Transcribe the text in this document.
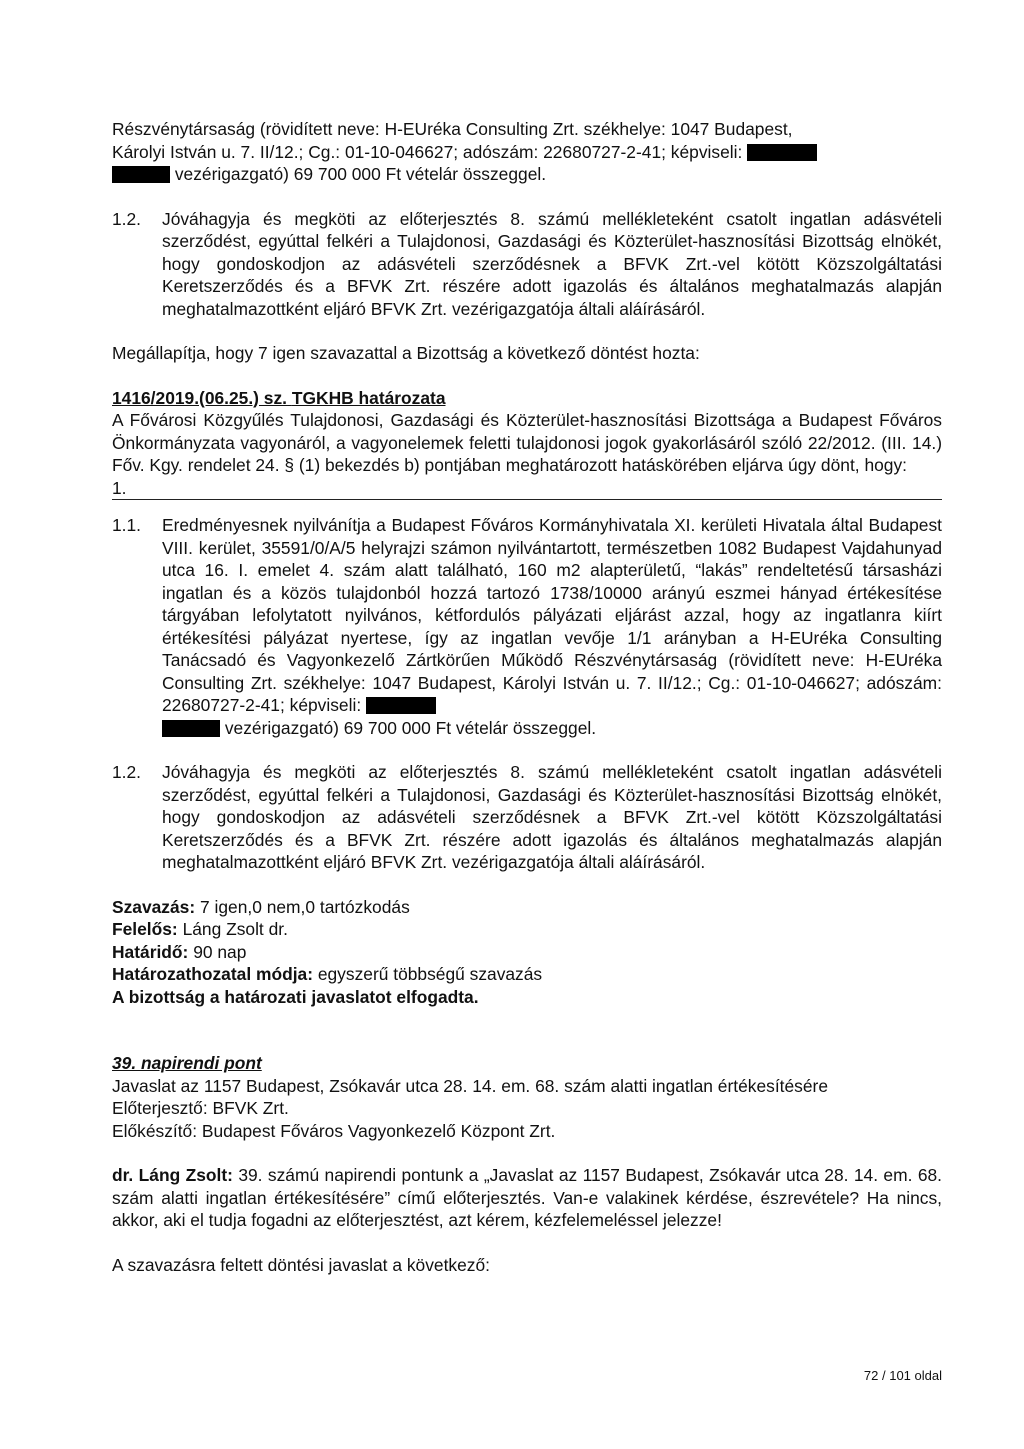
Részvénytársaság (rövidített neve: H-EUréka Consulting Zrt. székhelye: 1047 Budapest,
Károlyi István u. 7. II/12.; Cg.: 01-10-046627; adószám: 22680727-2-41; képviseli:
vezérigazgató) 69 700 000 Ft vételár összeggel.

1.2. Jóváhagyja és megköti az előterjesztés 8. számú mellékleteként csatolt ingatlan adásvételi szerződést, egyúttal felkéri a Tulajdonosi, Gazdasági és Közterület-hasznosítási Bizottság elnökét, hogy gondoskodjon az adásvételi szerződésnek a BFVK Zrt.-vel kötött Közszolgáltatási Keretszerződés és a BFVK Zrt. részére adott igazolás és általános meghatalmazás alapján meghatalmazottként eljáró BFVK Zrt. vezérigazgatója általi aláírásáról.

Megállapítja, hogy 7 igen szavazattal a Bizottság a következő döntést hozta:

1416/2019.(06.25.) sz. TGKHB határozata

A Fővárosi Közgyűlés Tulajdonosi, Gazdasági és Közterület-hasznosítási Bizottsága a Budapest Főváros Önkormányzata vagyonáról, a vagyonelemek feletti tulajdonosi jogok gyakorlásáról szóló 22/2012. (III. 14.) Főv. Kgy. rendelet 24. § (1) bekezdés b) pontjában meghatározott hatáskörében eljárva úgy dönt, hogy:

1.

1.1. Eredményesnek nyilvánítja a Budapest Főváros Kormányhivatala XI. kerületi Hivatala által Budapest VIII. kerület, 35591/0/A/5 helyrajzi számon nyilvántartott, természetben 1082 Budapest Vajdahunyad utca 16. I. emelet 4. szám alatt található, 160 m2 alapterületű, “lakás” rendeltetésű társasházi ingatlan és a közös tulajdonból hozzá tartozó 1738/10000 arányú eszmei hányad értékesítése tárgyában lefolytatott nyilvános, kétfordulós pályázati eljárást azzal, hogy az ingatlanra kiírt értékesítési pályázat nyertese, így az ingatlan vevője 1/1 arányban a H-EUréka Consulting Tanácsadó és Vagyonkezelő Zártkörűen Működő Részvénytársaság (rövidített neve: H-EUréka Consulting Zrt. székhelye: 1047 Budapest, Károlyi István u. 7. II/12.; Cg.: 01-10-046627; adószám: 22680727-2-41; képviseli:
vezérigazgató) 69 700 000 Ft vételár összeggel.
1.2. Jóváhagyja és megköti az előterjesztés 8. számú mellékleteként csatolt ingatlan adásvételi szerződést, egyúttal felkéri a Tulajdonosi, Gazdasági és Közterület-hasznosítási Bizottság elnökét, hogy gondoskodjon az adásvételi szerződésnek a BFVK Zrt.-vel kötött Közszolgáltatási Keretszerződés és a BFVK Zrt. részére adott igazolás és általános meghatalmazás alapján meghatalmazottként eljáró BFVK Zrt. vezérigazgatója általi aláírásáról.

Szavazás: 7 igen,0 nem,0 tartózkodás

Felelős: Láng Zsolt dr.

Határidő: 90 nap

Határozathozatal módja: egyszerű többségű szavazás

A bizottság a határozati javaslatot elfogadta.

39. napirendi pont

Javaslat az 1157 Budapest, Zsókavár utca 28. 14. em. 68. szám alatti ingatlan értékesítésére

Előterjesztő: BFVK Zrt.

Előkészítő: Budapest Főváros Vagyonkezelő Központ Zrt.

dr. Láng Zsolt: 39. számú napirendi pontunk a „Javaslat az 1157 Budapest, Zsókavár utca 28. 14. em. 68. szám alatti ingatlan értékesítésére” című előterjesztés. Van-e valakinek kérdése, észrevétele? Ha nincs, akkor, aki el tudja fogadni az előterjesztést, azt kérem, kézfelemeléssel jelezze!

A szavazásra feltett döntési javaslat a következő:

72 / 101 oldal
